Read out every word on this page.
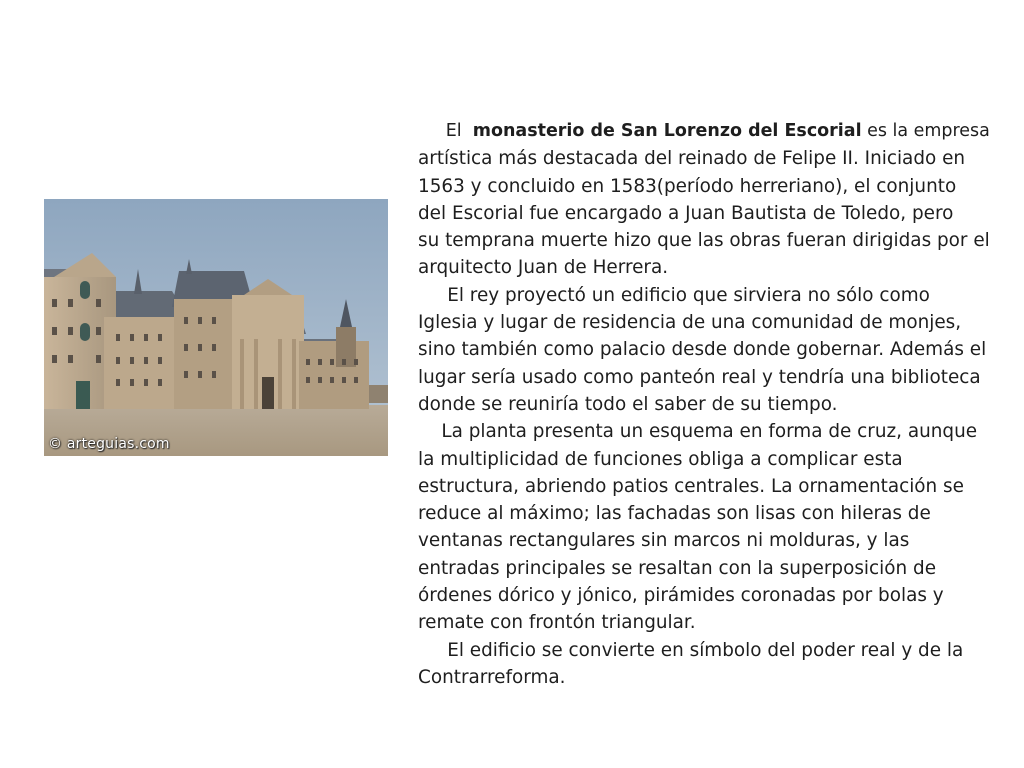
© arteguias.com

El  monasterio de San Lorenzo del Escorial es la empresa
artística más destacada del reinado de Felipe II. Iniciado en
1563 y concluido en 1583(período herreriano), el conjunto
del Escorial fue encargado a Juan Bautista de Toledo, pero
su temprana muerte hizo que las obras fueran dirigidas por el
arquitecto Juan de Herrera.

El rey proyectó un edificio que sirviera no sólo como
Iglesia y lugar de residencia de una comunidad de monjes,
sino también como palacio desde donde gobernar. Además el
lugar sería usado como panteón real y tendría una biblioteca
donde se reuniría todo el saber de su tiempo.

La planta presenta un esquema en forma de cruz, aunque
la multiplicidad de funciones obliga a complicar esta
estructura, abriendo patios centrales. La ornamentación se
reduce al máximo; las fachadas son lisas con hileras de
ventanas rectangulares sin marcos ni molduras, y las
entradas principales se resaltan con la superposición de
órdenes dórico y jónico, pirámides coronadas por bolas y
remate con frontón triangular.

El edificio se convierte en símbolo del poder real y de la
Contrarreforma.
